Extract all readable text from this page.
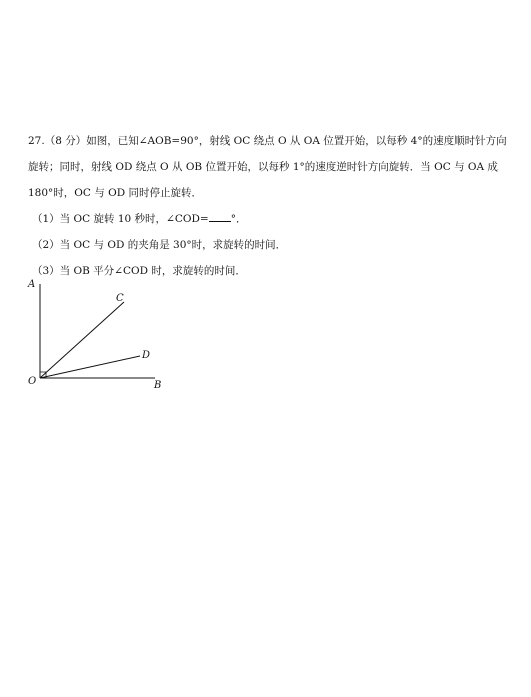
27.（8 分）如图，已知∠AOB=90°，射线 OC 绕点 O 从 OA 位置开始，以每秒 4°的速度顺时针方向
旋转；同时，射线 OD 绕点 O 从 OB 位置开始，以每秒 1°的速度逆时针方向旋转．当 OC 与 OA 成
180°时，OC 与 OD 同时停止旋转．
（1）当 OC 旋转 10 秒时，∠COD= °．
（2）当 OC 与 OD 的夹角是 30°时，求旋转的时间．
（3）当 OB 平分∠COD 时，求旋转的时间．
A
B
C
D
O
